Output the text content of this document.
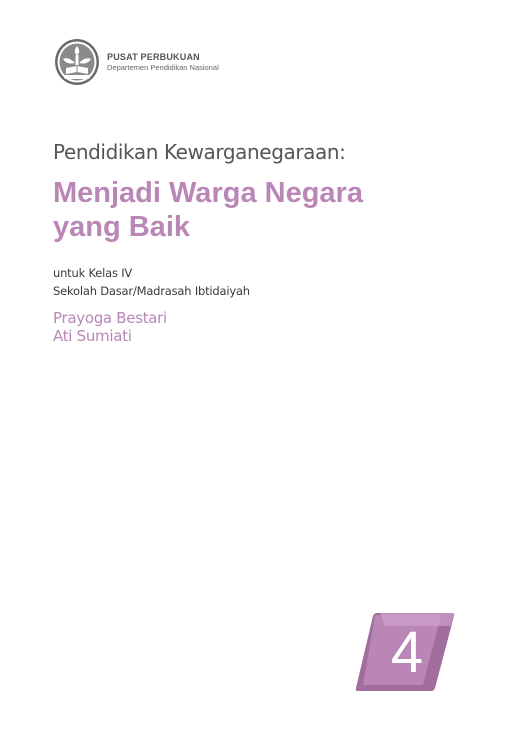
PUSAT PERBUKUAN
Departemen Pendidikan Nasional
Pendidikan Kewarganegaraan:
Menjadi Warga Negara
yang Baik
untuk Kelas IV
Sekolah Dasar/Madrasah Ibtidaiyah
Prayoga Bestari
Ati Sumiati
4
